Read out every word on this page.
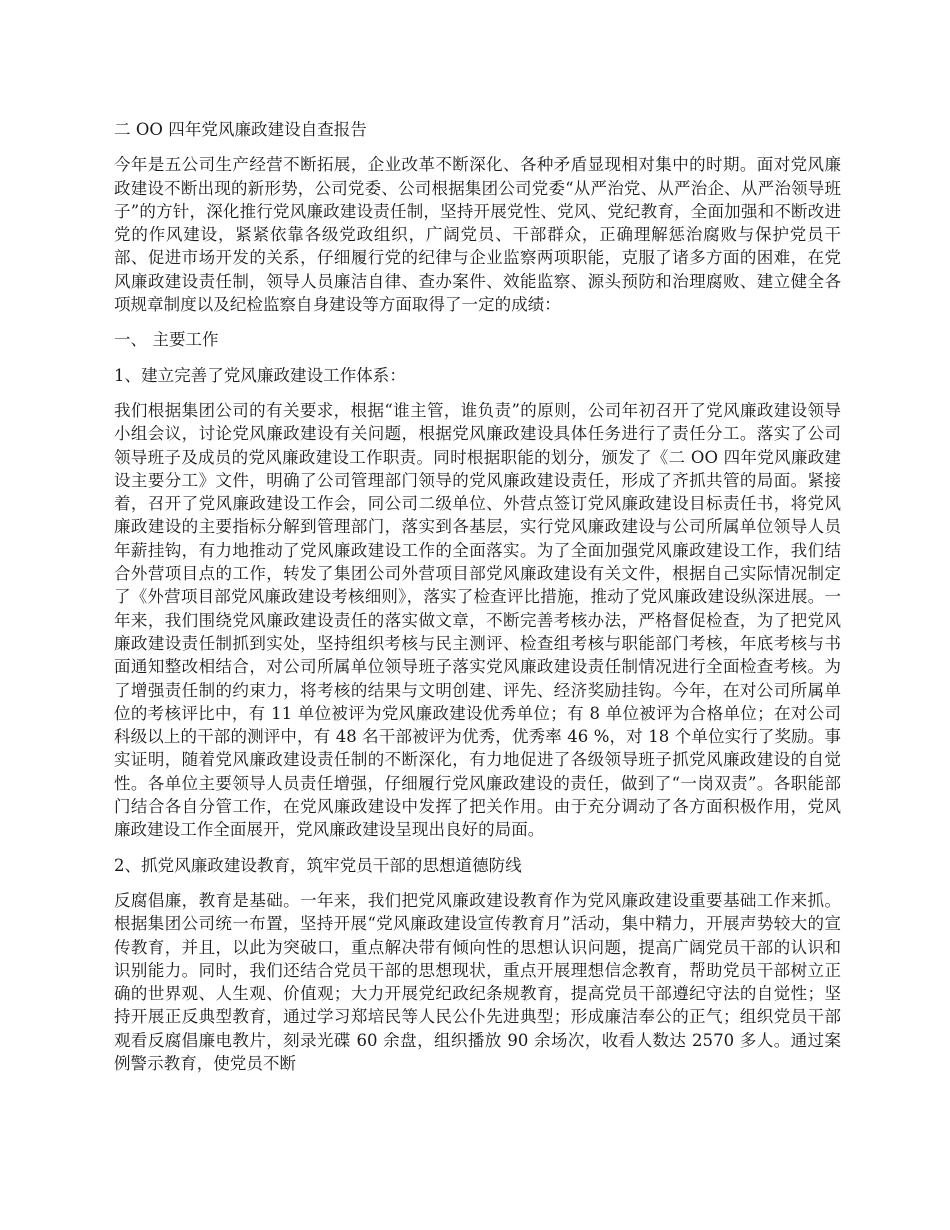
二 OO 四年党风廉政建设自查报告

今年是五公司生产经营不断拓展，企业改革不断深化、各种矛盾显现相对集中的时期。面对党风廉政建设不断出现的新形势，公司党委、公司根据集团公司党委“从严治党、从严治企、从严治领导班子”的方针，深化推行党风廉政建设责任制，坚持开展党性、党风、党纪教育，全面加强和不断改进党的作风建设，紧紧依靠各级党政组织，广阔党员、干部群众，正确理解惩治腐败与保护党员干部、促进市场开发的关系，仔细履行党的纪律与企业监察两项职能，克服了诸多方面的困难，在党风廉政建设责任制，领导人员廉洁自律、查办案件、效能监察、源头预防和治理腐败、建立健全各项规章制度以及纪检监察自身建设等方面取得了一定的成绩：

一、 主要工作

1、建立完善了党风廉政建设工作体系：

我们根据集团公司的有关要求，根据“谁主管，谁负责”的原则，公司年初召开了党风廉政建设领导小组会议，讨论党风廉政建设有关问题，根据党风廉政建设具体任务进行了责任分工。落实了公司领导班子及成员的党风廉政建设工作职责。同时根据职能的划分，颁发了《二 OO 四年党风廉政建设主要分工》文件，明确了公司管理部门领导的党风廉政建设责任，形成了齐抓共管的局面。紧接着，召开了党风廉政建设工作会，同公司二级单位、外营点签订党风廉政建设目标责任书，将党风廉政建设的主要指标分解到管理部门，落实到各基层，实行党风廉政建设与公司所属单位领导人员年薪挂钩，有力地推动了党风廉政建设工作的全面落实。为了全面加强党风廉政建设工作，我们结合外营项目点的工作，转发了集团公司外营项目部党风廉政建设有关文件，根据自己实际情况制定了《外营项目部党风廉政建设考核细则》，落实了检查评比措施，推动了党风廉政建设纵深进展。一年来，我们围绕党风廉政建设责任的落实做文章，不断完善考核办法，严格督促检查，为了把党风廉政建设责任制抓到实处，坚持组织考核与民主测评、检查组考核与职能部门考核，年底考核与书面通知整改相结合，对公司所属单位领导班子落实党风廉政建设责任制情况进行全面检查考核。为了增强责任制的约束力，将考核的结果与文明创建、评先、经济奖励挂钩。今年，在对公司所属单位的考核评比中，有 11 单位被评为党风廉政建设优秀单位；有 8 单位被评为合格单位；在对公司科级以上的干部的测评中，有 48 名干部被评为优秀，优秀率 46 %，对 18 个单位实行了奖励。事实证明，随着党风廉政建设责任制的不断深化，有力地促进了各级领导班子抓党风廉政建设的自觉性。各单位主要领导人员责任增强，仔细履行党风廉政建设的责任，做到了“一岗双责”。各职能部门结合各自分管工作，在党风廉政建设中发挥了把关作用。由于充分调动了各方面积极作用，党风廉政建设工作全面展开，党风廉政建设呈现出良好的局面。

2、抓党风廉政建设教育，筑牢党员干部的思想道德防线

反腐倡廉，教育是基础。一年来，我们把党风廉政建设教育作为党风廉政建设重要基础工作来抓。根据集团公司统一布置，坚持开展“党风廉政建设宣传教育月”活动，集中精力，开展声势较大的宣传教育，并且，以此为突破口，重点解决带有倾向性的思想认识问题，提高广阔党员干部的认识和识别能力。同时，我们还结合党员干部的思想现状，重点开展理想信念教育，帮助党员干部树立正确的世界观、人生观、价值观；大力开展党纪政纪条规教育，提高党员干部遵纪守法的自觉性；坚持开展正反典型教育，通过学习郑培民等人民公仆先进典型；形成廉洁奉公的正气；组织党员干部观看反腐倡廉电教片，刻录光碟 60 余盘，组织播放 90 余场次，收看人数达 2570 多人。通过案例警示教育，使党员不断
